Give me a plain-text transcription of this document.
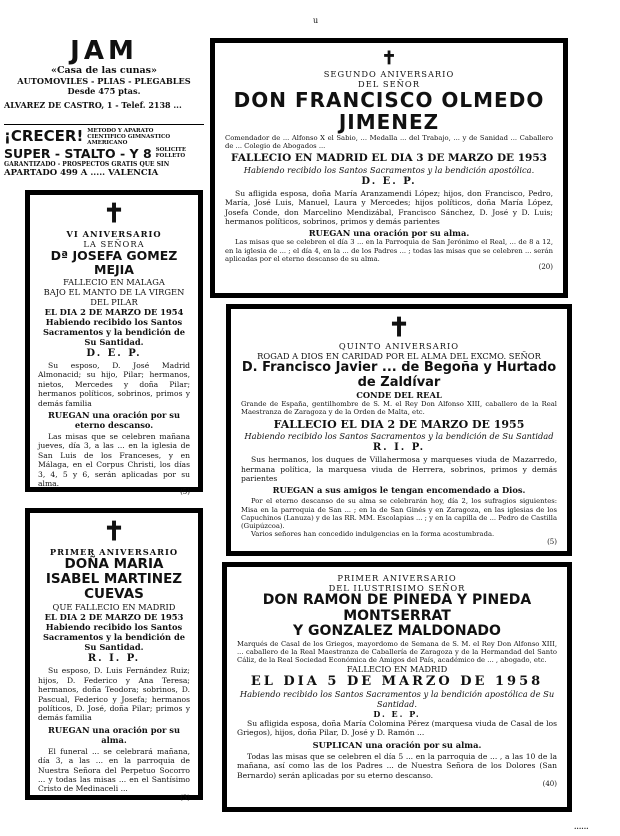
u
JAM
«Casa de las cunas»
AUTOMOVILES - PLIAS - PLEGABLES
Desde 475 ptas.
ALVAREZ DE CASTRO, 1 - Telef. 2138 ...
¡CRECER! METODO Y APARATO CIENTIFICO GIMNASTICO AMERICANO
SUPER - STALTO - Y 8 SOLICITE FOLLETO
GARANTIZADO - PROSPECTOS GRATIS QUE SIN
APARTADO 499 A ..... VALENCIA
✝
SEGUNDO ANIVERSARIO
DEL SEÑOR
DON FRANCISCO OLMEDO JIMENEZ
Comendador de ... Alfonso X el Sabio, ... Medalla ... del Trabajo, ... y de Sanidad ... Caballero de ... Colegio de Abogados ...
FALLECIO EN MADRID EL DIA 3 DE MARZO DE 1953
Habiendo recibido los Santos Sacramentos y la bendición apostólica.
D. E. P.
Su afligida esposa, doña María Aranzamendi López; hijos, don Francisco, Pedro, María, José Luis, Manuel, Laura y Mercedes; hijos políticos, doña María López, Josefa Conde, don Marcelino Mendizábal, Francisco Sánchez, D. José y D. Luis; hermanos políticos, sobrinos, primos y demás parientes
RUEGAN una oración por su alma.
Las misas que se celebren el día 3 ... en la Parroquia de San Jerónimo el Real, ... de 8 a 12, en la iglesia de ... ; el día 4, en la ... de los Padres ... ; todas las misas que se celebren ... serán aplicadas por el eterno descanso de su alma.
(20)
✝
VI ANIVERSARIO
LA SEÑORA
Dª JOSEFA GOMEZ MEJIA
FALLECIO EN MALAGA
BAJO EL MANTO DE LA VIRGEN DEL PILAR
EL DIA 2 DE MARZO DE 1954
Habiendo recibido los Santos Sacramentos y la bendición de Su Santidad.
D. E. P.
Su esposo, D. José Madrid Almonacid; su hijo, Pilar; hermanos, nietos, Mercedes y doña Pilar; hermanos políticos, sobrinos, primos y demás familia
RUEGAN una oración por su eterno descanso.
Las misas que se celebren mañana jueves, día 3, a las ... en la iglesia de San Luis de los Franceses, y en Málaga, en el Corpus Christi, los días 3, 4, 5 y 6, serán aplicadas por su alma.
(5)
✝
QUINTO ANIVERSARIO
ROGAD A DIOS EN CARIDAD POR EL ALMA DEL EXCMO. SEÑOR
D. Francisco Javier ... de Begoña y Hurtado de Zaldívar
CONDE DEL REAL
Grande de España, gentilhombre de S. M. el Rey Don Alfonso XIII, caballero de la Real Maestranza de Zaragoza y de la Orden de Malta, etc.
FALLECIO EL DIA 2 DE MARZO DE 1955
Habiendo recibido los Santos Sacramentos y la bendición de Su Santidad
R. I. P.
Sus hermanos, los duques de Villahermosa y marqueses viuda de Mazarredo, hermana política, la marquesa viuda de Herrera, sobrinos, primos y demás parientes
RUEGAN a sus amigos le tengan encomendado a Dios.
Por el eterno descanso de su alma se celebrarán hoy, día 2, los sufragios siguientes: Misa en la parroquia de San ... ; en la de San Ginés y en Zaragoza, en las iglesias de los Capuchinos (Lanuza) y de las RR. MM. Escolapias ... ; y en la capilla de ... Pedro de Castilla (Guipúzcoa).
Varios señores han concedido indulgencias en la forma acostumbrada.
(5)
✝
PRIMER ANIVERSARIO
DOÑA MARIA ISABEL MARTINEZ CUEVAS
QUE FALLECIO EN MADRID
EL DIA 2 DE MARZO DE 1953
Habiendo recibido los Santos Sacramentos y la bendición de Su Santidad.
R. I. P.
Su esposo, D. Luis Fernández Ruiz; hijos, D. Federico y Ana Teresa; hermanos, doña Teodora; sobrinos, D. Pascual, Federico y Josefa; hermanos políticos, D. José, doña Pilar; primos y demás familia
RUEGAN una oración por su alma.
El funeral ... se celebrará mañana, día 3, a las ... en la parroquia de Nuestra Señora del Perpetuo Socorro ... y todas las misas ... en el Santísimo Cristo de Medinaceli ...
(3)
PRIMER ANIVERSARIO
DEL ILUSTRISIMO SEÑOR
DON RAMON DE PINEDA Y PINEDA MONTSERRAT
Y GONZALEZ MALDONADO
Marqués de Casal de los Griegos, mayordomo de Semana de S. M. el Rey Don Alfonso XIII, ... caballero de la Real Maestranza de Caballería de Zaragoza y de la Hermandad del Santo Cáliz, de la Real Sociedad Económica de Amigos del País, académico de ... , abogado, etc.
FALLECIO EN MADRID
EL DIA 5 DE MARZO DE 1958
Habiendo recibido los Santos Sacramentos y la bendición apostólica de Su Santidad.
D. E. P.
Su afligida esposa, doña María Colomina Pérez (marquesa viuda de Casal de los Griegos), hijos, doña Pilar, D. José y D. Ramón ...
SUPLICAN una oración por su alma.
Todas las misas que se celebren el día 5 ... en la parroquia de ... , a las 10 de la mañana, así como las de los Padres ... de Nuestra Señora de los Dolores (San Bernardo) serán aplicadas por su eterno descanso.
(40)
......
